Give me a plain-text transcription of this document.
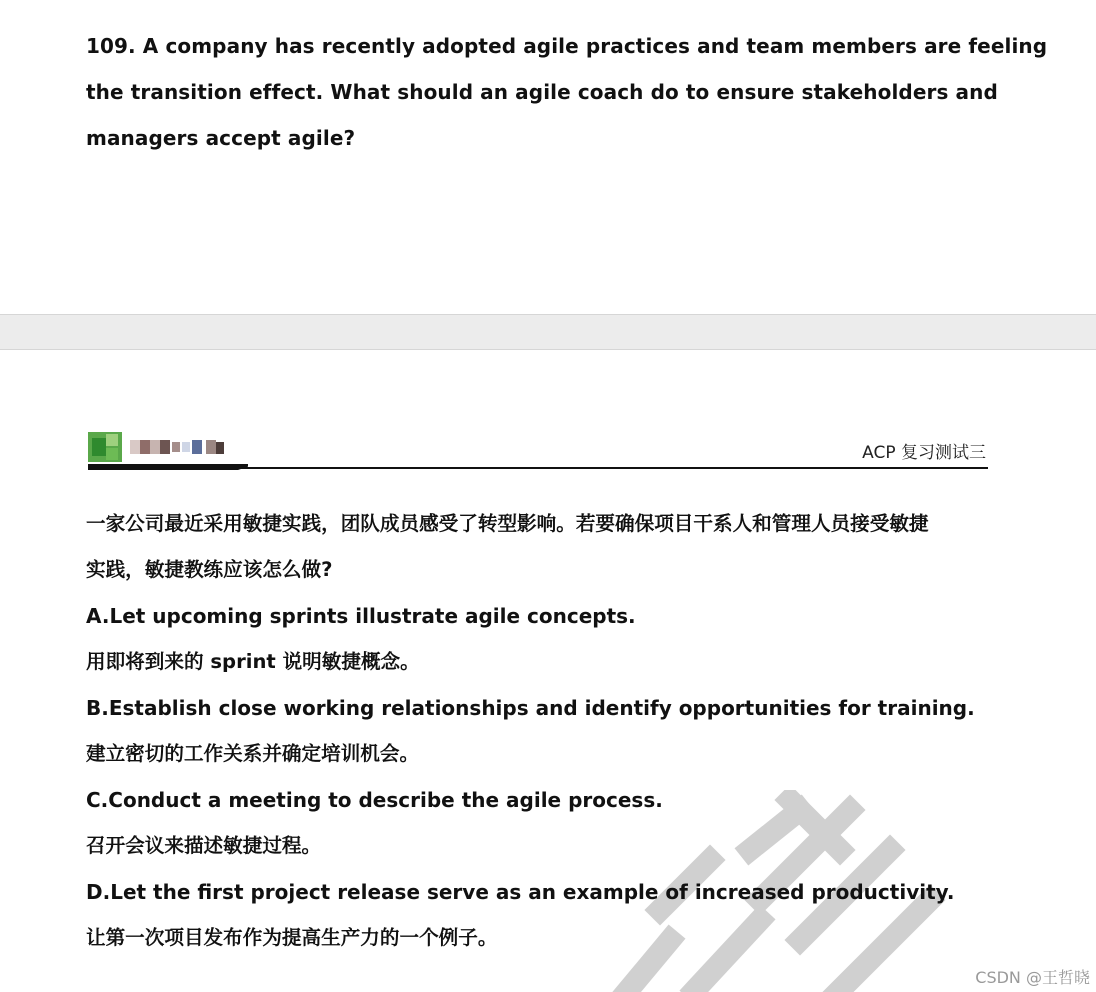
109. A company has recently adopted agile practices and team members are feeling
the transition effect. What should an agile coach do to ensure stakeholders and
managers accept agile?
ACP 复习测试三
一家公司最近采用敏捷实践，团队成员感受了转型影响。若要确保项目干系人和管理人员接受敏捷
实践，敏捷教练应该怎么做?
A.Let upcoming sprints illustrate agile concepts.
用即将到来的 sprint 说明敏捷概念。
B.Establish close working relationships and identify opportunities for training.
建立密切的工作关系并确定培训机会。
C.Conduct a meeting to describe the agile process.
召开会议来描述敏捷过程。
D.Let the first project release serve as an example of increased productivity.
让第一次项目发布作为提高生产力的一个例子。
CSDN @王哲晓
